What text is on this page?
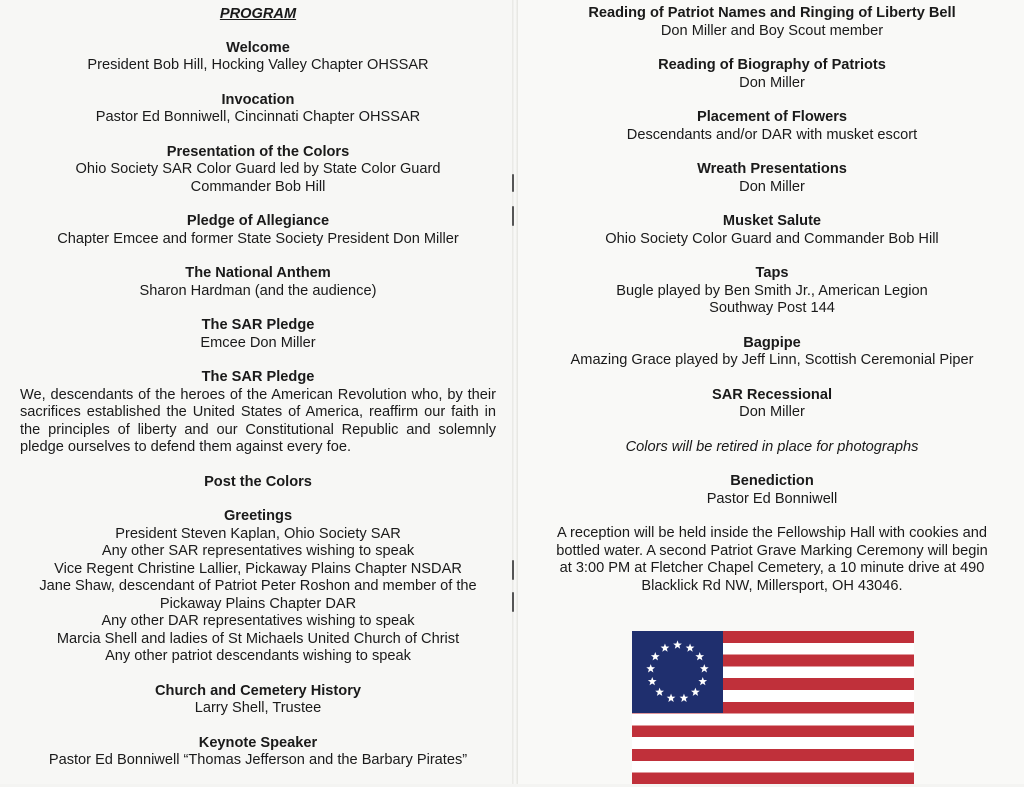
PROGRAM
Welcome
President Bob Hill, Hocking Valley Chapter OHSSAR
Invocation
Pastor Ed Bonniwell, Cincinnati Chapter OHSSAR
Presentation of the Colors
Ohio Society SAR Color Guard led by State Color Guard
Commander Bob Hill
Pledge of Allegiance
Chapter Emcee and former State Society President Don Miller
The National Anthem
Sharon Hardman (and the audience)
The SAR Pledge
Emcee Don Miller
The SAR Pledge
We, descendants of the heroes of the American Revolution who, by their sacrifices established the United States of America, reaffirm our faith in the principles of liberty and our Constitutional Republic and solemnly pledge ourselves to defend them against every foe.
Post the Colors
Greetings
President Steven Kaplan, Ohio Society SAR
Any other SAR representatives wishing to speak
Vice Regent Christine Lallier, Pickaway Plains Chapter NSDAR
Jane Shaw, descendant of Patriot Peter Roshon and member of the
Pickaway Plains Chapter DAR
Any other DAR representatives wishing to speak
Marcia Shell and ladies of St Michaels United Church of Christ
Any other patriot descendants wishing to speak
Church and Cemetery History
Larry Shell, Trustee
Keynote Speaker
Pastor Ed Bonniwell “Thomas Jefferson and the Barbary Pirates”
Reading of Patriot Names and Ringing of Liberty Bell
Don Miller and Boy Scout member
Reading of Biography of Patriots
Don Miller
Placement of Flowers
Descendants and/or DAR with musket escort
Wreath Presentations
Don Miller
Musket Salute
Ohio Society Color Guard and Commander Bob Hill
Taps
Bugle played by Ben Smith Jr., American Legion
Southway Post 144
Bagpipe
Amazing Grace played by Jeff Linn, Scottish Ceremonial Piper
SAR Recessional
Don Miller
Colors will be retired in place for photographs
Benediction
Pastor Ed Bonniwell
A reception will be held inside the Fellowship Hall with cookies and
bottled water. A second Patriot Grave Marking Ceremony will begin
at 3:00 PM at Fletcher Chapel Cemetery, a 10 minute drive at 490
Blacklick Rd NW, Millersport, OH 43046.
